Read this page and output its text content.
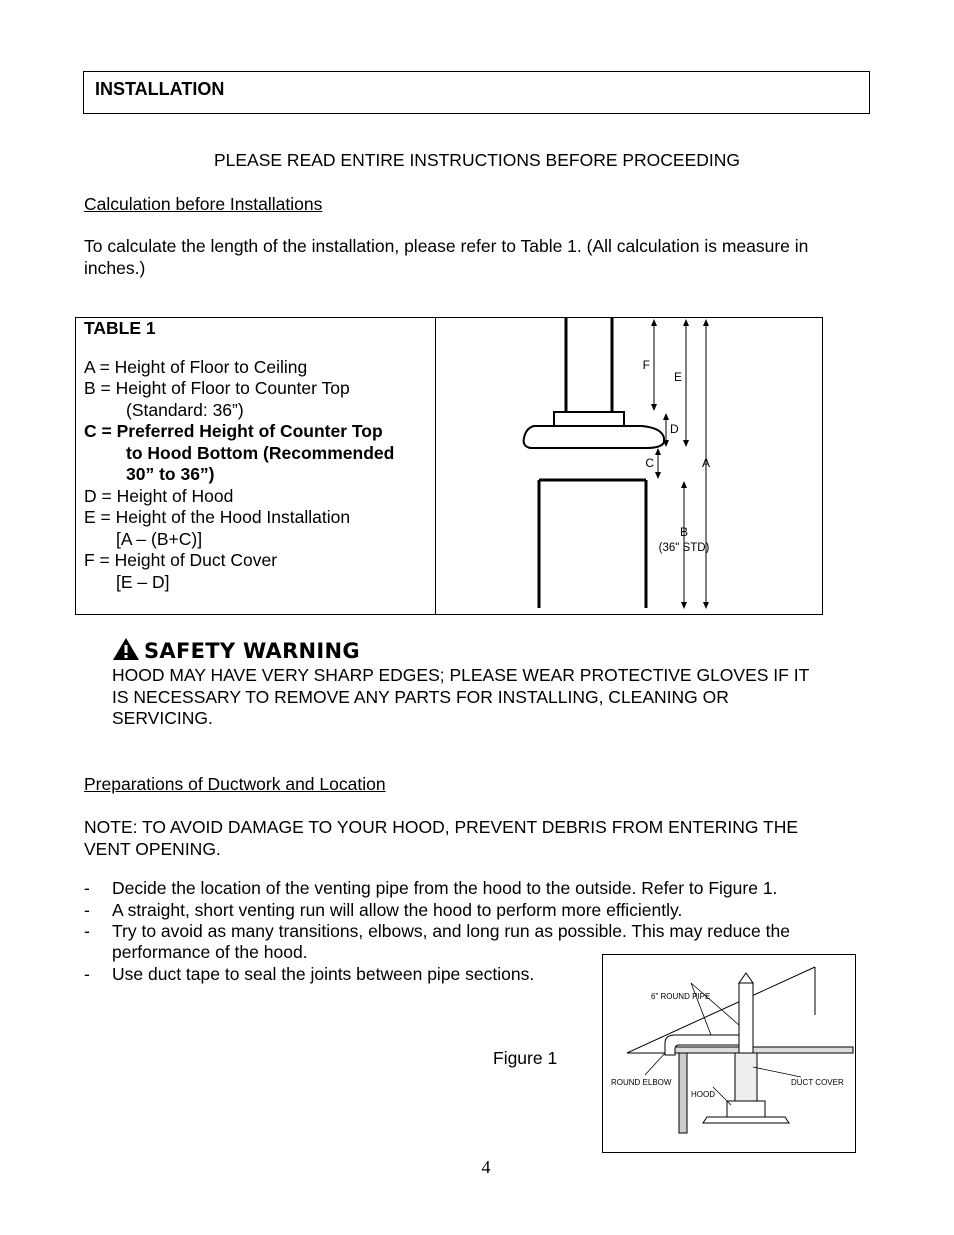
INSTALLATION
PLEASE READ ENTIRE INSTRUCTIONS BEFORE PROCEEDING
Calculation before Installations
To calculate the length of the installation, please refer to Table 1. (All calculation is measure in
inches.)
TABLE 1
A = Height of Floor to Ceiling
B = Height of Floor to Counter Top
(Standard: 36”)
C = Preferred Height of Counter Top
to Hood Bottom (Recommended
30” to 36”)
D = Height of Hood
E = Height of the Hood Installation
[A – (B+C)]
F = Height of Duct Cover
[E – D]
F
E
D
C	A
B
(36" STD)
SAFETY WARNING
HOOD MAY HAVE VERY SHARP EDGES; PLEASE WEAR PROTECTIVE GLOVES IF IT
IS NECESSARY TO REMOVE ANY PARTS FOR INSTALLING, CLEANING OR
SERVICING.
Preparations of Ductwork and Location
NOTE: TO AVOID DAMAGE TO YOUR HOOD, PREVENT DEBRIS FROM ENTERING THE
VENT OPENING.
- Decide the location of the venting pipe from the hood to the outside. Refer to Figure 1.
- A straight, short venting run will allow the hood to perform more efficiently.
- Try to avoid as many transitions, elbows, and long run as possible. This may reduce the
performance of the hood.
- Use duct tape to seal the joints between pipe sections.
Figure 1
6" ROUND PIPE
ROUND ELBOW
HOOD
DUCT COVER
4
